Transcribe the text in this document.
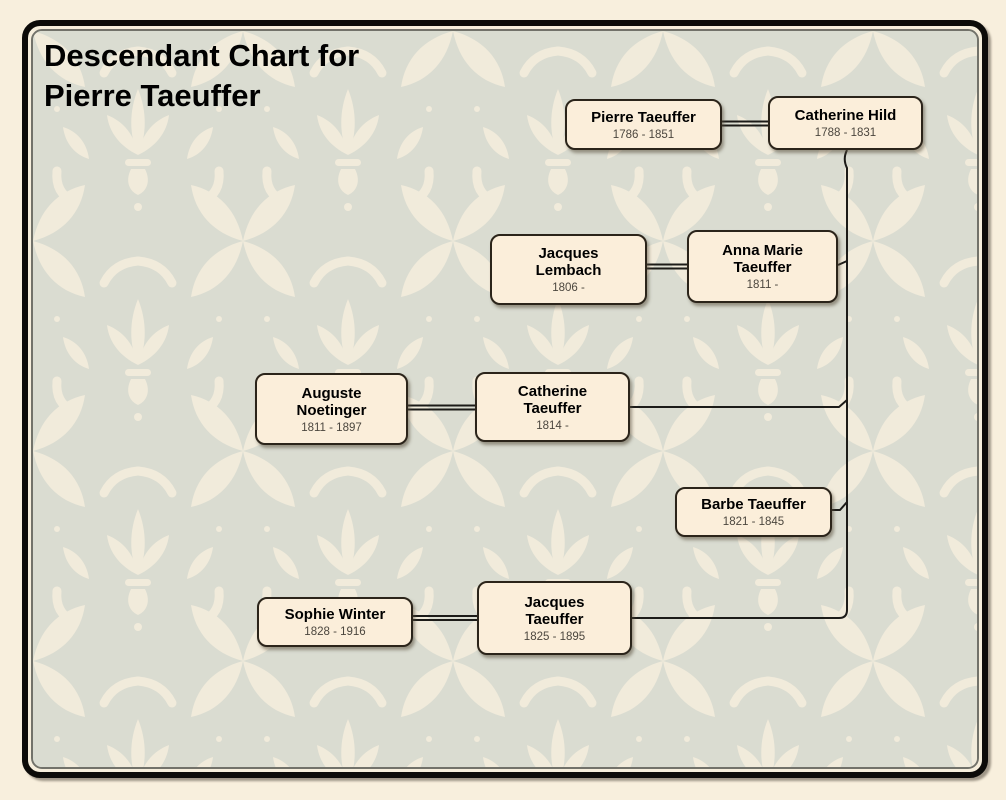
Pierre Taeuffer
1786 - 1851
Catherine Hild
1788 - 1831
Jacques
Lembach
1806 -
Anna Marie
Taeuffer
1811 -
Auguste
Noetinger
1811 - 1897
Catherine
Taeuffer
1814 -
Barbe Taeuffer
1821 - 1845
Sophie Winter
1828 - 1916
Jacques
Taeuffer
1825 - 1895
Descendant Chart for
Pierre Taeuffer
